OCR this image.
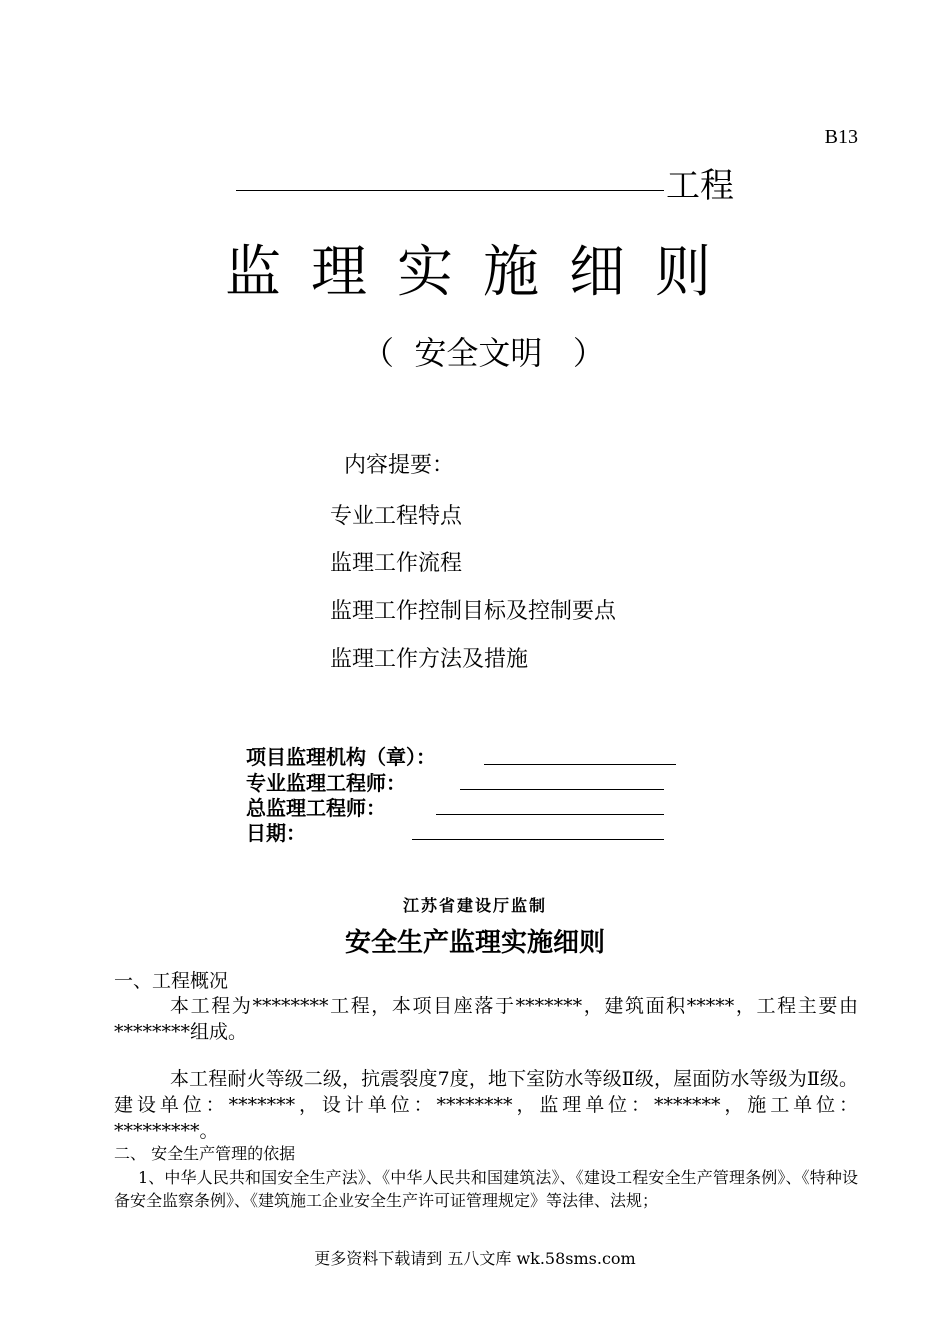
B13
工程
监理实施细则
（  安全文明   ）
内容提要：
专业工程特点
监理工作流程
监理工作控制目标及控制要点
监理工作方法及措施
项目监理机构（章）：
专业监理工程师：
总监理工程师：
日期：
江苏省建设厅监制
安全生产监理实施细则
一、工程概况
本工程为********工程，本项目座落于*******，建筑面积*****，工程主要由********组成。
本工程耐火等级二级，抗震裂度7度，地下室防水等级Ⅱ级，屋面防水等级为Ⅱ级。建设单位：*******，设计单位：********，监理单位：*******，施工单位：*********。
二、 安全生产管理的依据
1、中华人民共和国安全生产法》、《中华人民共和国建筑法》、《建设工程安全生产管理条例》、《特种设备安全监察条例》、《建筑施工企业安全生产许可证管理规定》等法律、法规；
更多资料下载请到 五八文库 wk.58sms.com
